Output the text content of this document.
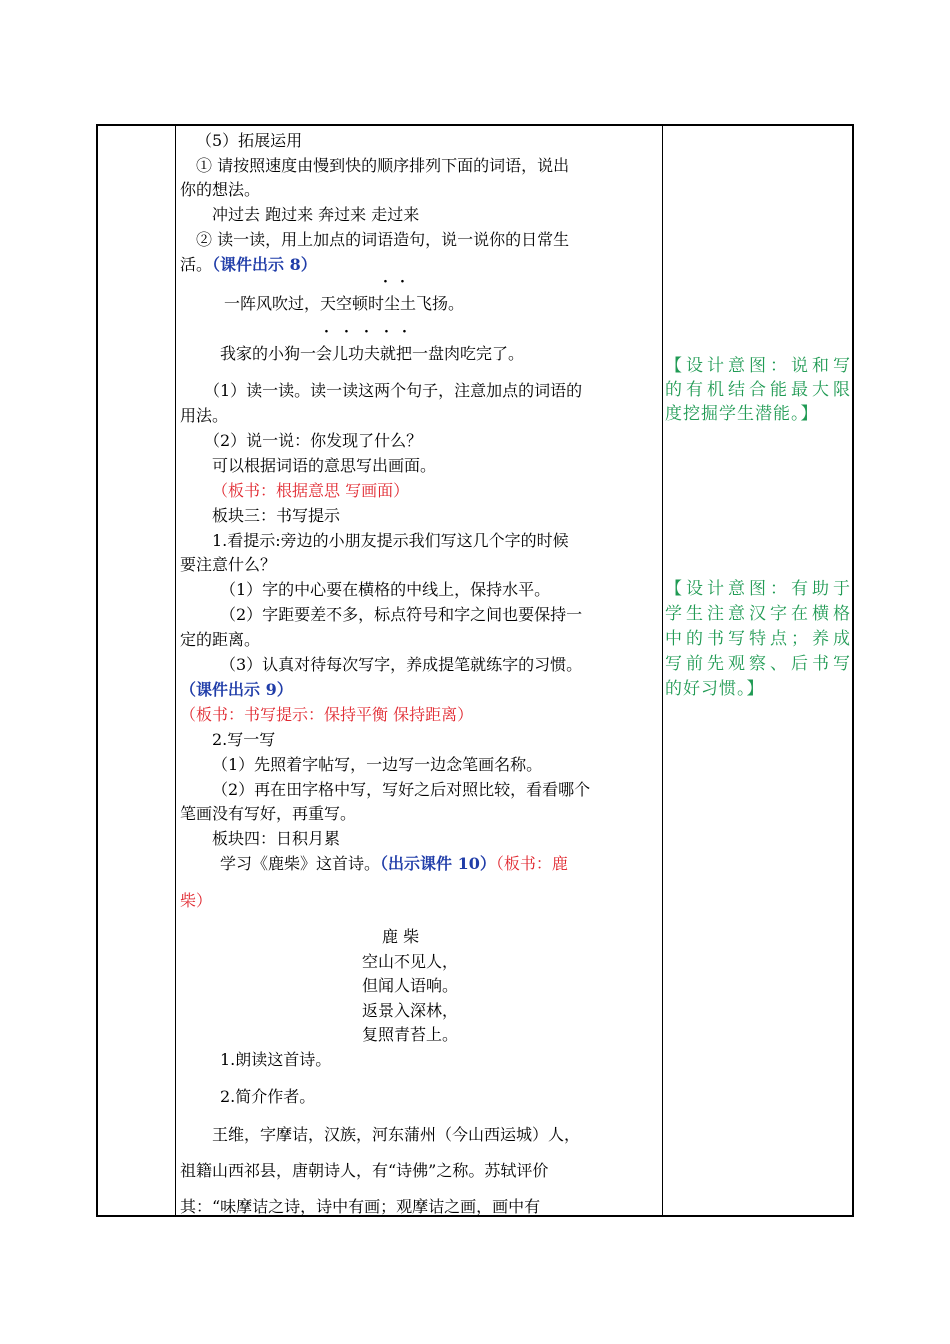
（5）拓展运用
① 请按照速度由慢到快的顺序排列下面的词语，说出
你的想法。
冲过去 跑过来 奔过来 走过来
② 读一读，用上加点的词语造句，说一说你的日常生
活。（课件出示 8）
· ·
一阵风吹过，天空顿时尘土飞扬。
· · · · ·
我家的小狗一会儿功夫就把一盘肉吃完了。
（1）读一读。读一读这两个句子，注意加点的词语的
用法。
（2）说一说：你发现了什么？
可以根据词语的意思写出画面。
（板书：根据意思 写画面）
板块三：书写提示
1.看提示:旁边的小朋友提示我们写这几个字的时候
要注意什么？
（1）字的中心要在横格的中线上，保持水平。
（2）字距要差不多，标点符号和字之间也要保持一
定的距离。
（3）认真对待每次写字，养成提笔就练字的习惯。
（课件出示 9）
（板书：书写提示：保持平衡 保持距离）
2.写一写
（1）先照着字帖写，一边写一边念笔画名称。
（2）再在田字格中写，写好之后对照比较，看看哪个
笔画没有写好，再重写。
板块四：日积月累
学习《鹿柴》这首诗。（出示课件 10）（板书：鹿
柴）
鹿 柴
空山不见人，
但闻人语响。
返景入深林，
复照青苔上。
1.朗读这首诗。
2.简介作者。
王维，字摩诘，汉族，河东蒲州（今山西运城）人，
祖籍山西祁县，唐朝诗人，有“诗佛”之称。苏轼评价
其：“味摩诘之诗，诗中有画；观摩诘之画，画中有
【设计意图：说和写
的有机结合能最大限
度挖掘学生潜能。】
【设计意图：有助于
学生注意汉字在横格
中的书写特点；养成
写前先观察、后书写
的好习惯。】
